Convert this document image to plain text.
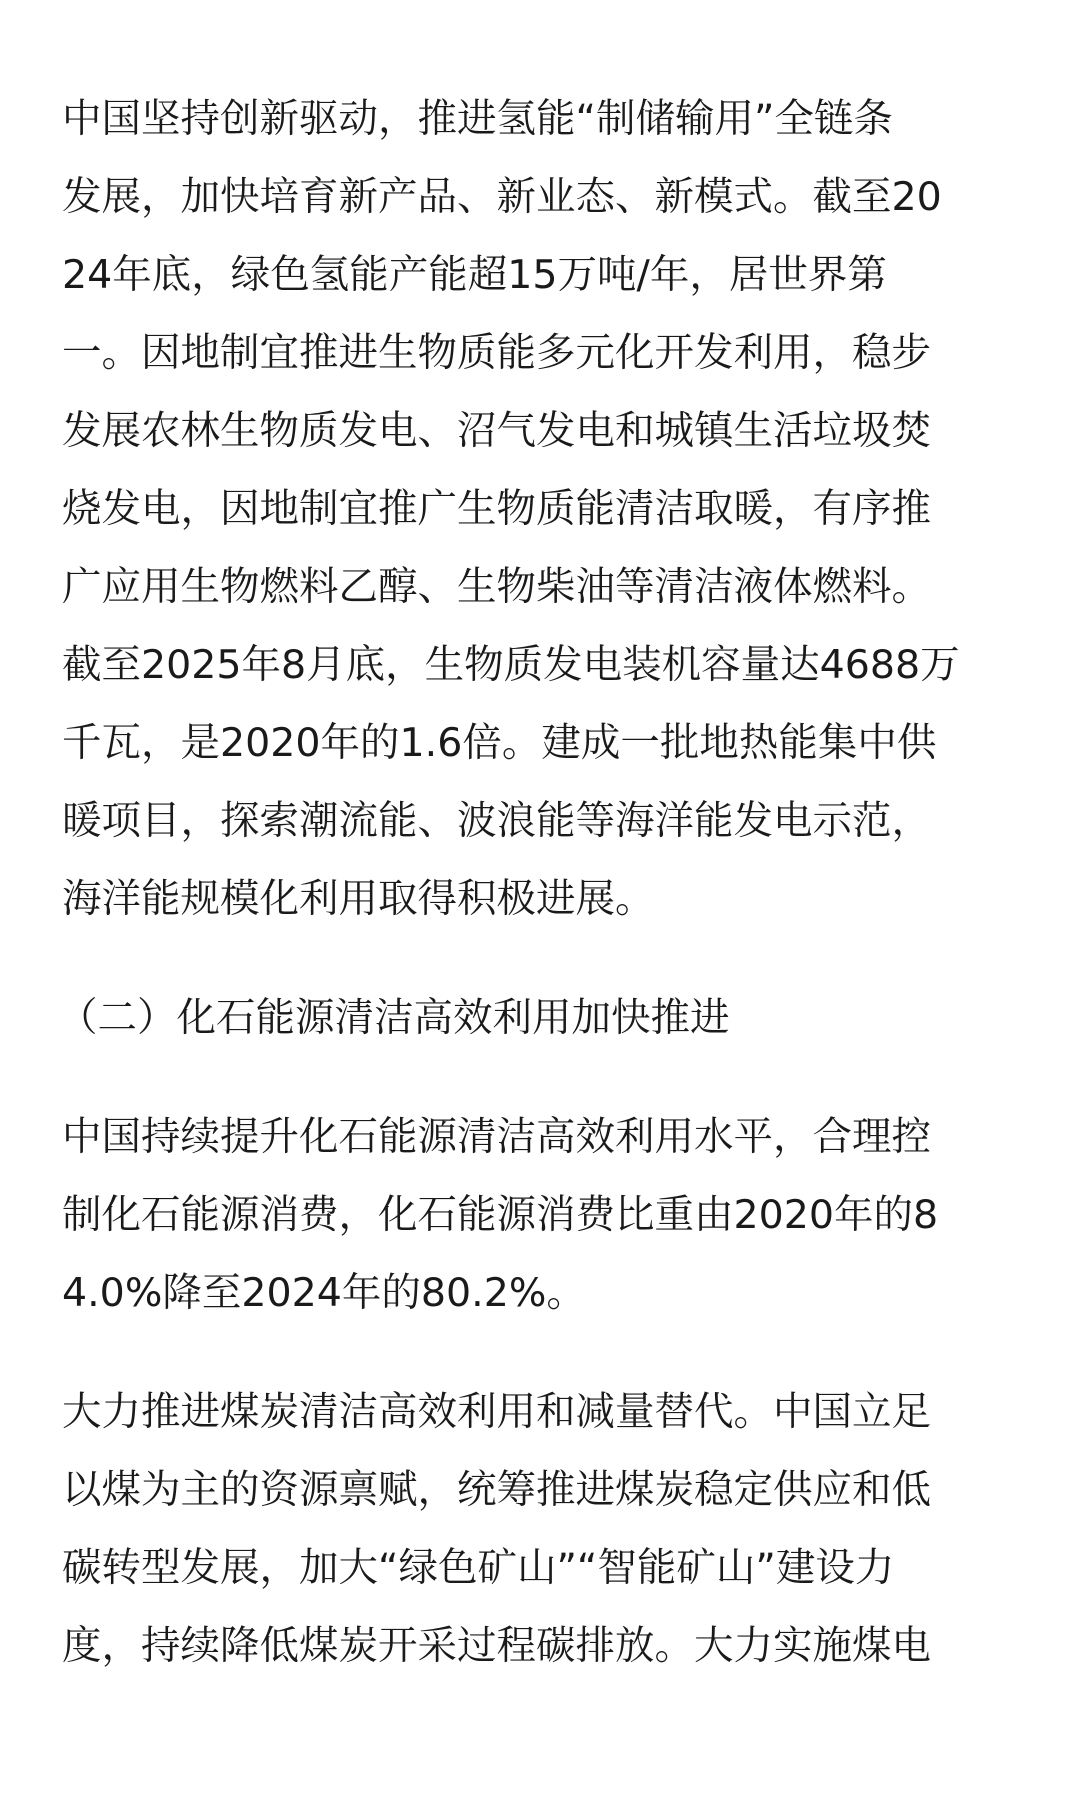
中国坚持创新驱动，推进氢能“制储输用”全链条
发展，加快培育新产品、新业态、新模式。截至20
24年底，绿色氢能产能超15万吨/年，居世界第
一。因地制宜推进生物质能多元化开发利用，稳步
发展农林生物质发电、沼气发电和城镇生活垃圾焚
烧发电，因地制宜推广生物质能清洁取暖，有序推
广应用生物燃料乙醇、生物柴油等清洁液体燃料。
截至2025年8月底，生物质发电装机容量达4688万
千瓦，是2020年的1.6倍。建成一批地热能集中供
暖项目，探索潮流能、波浪能等海洋能发电示范，
海洋能规模化利用取得积极进展。
（二）化石能源清洁高效利用加快推进
中国持续提升化石能源清洁高效利用水平，合理控
制化石能源消费，化石能源消费比重由2020年的8
4.0%降至2024年的80.2%。
大力推进煤炭清洁高效利用和减量替代。中国立足
以煤为主的资源禀赋，统筹推进煤炭稳定供应和低
碳转型发展，加大“绿色矿山”“智能矿山”建设力
度，持续降低煤炭开采过程碳排放。大力实施煤电
